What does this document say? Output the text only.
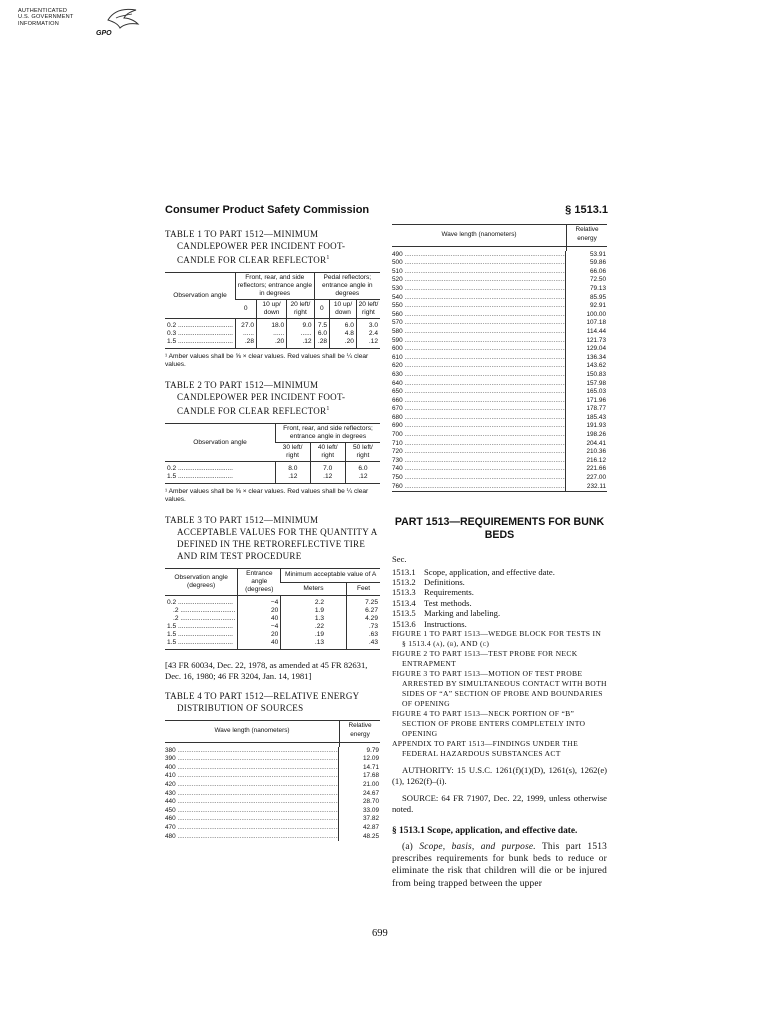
AUTHENTICATED
U.S. GOVERNMENT
INFORMATION
GPO
Consumer Product Safety Commission	§ 1513.1
TABLE 1 TO PART 1512—MINIMUM CANDLEPOWER PER INCIDENT FOOT-CANDLE FOR CLEAR REFLECTOR$^1$
Observation angle	Front, rear, and side reflectors; entrance angle in degrees			Pedal reflectors; entrance angle in degrees		
	0	10 up/ down	20 left/ right	0	10 up/ down	20 left/ right
0.2 ..............................	27.0	18.0	9.0	7.5	6.0	3.0
0.3 ..............................	......	......	......	6.0	4.8	2.4
1.5 ..............................	.28	.20	.12	.28	.20	.12
¹ Amber values shall be ⅝ × clear values. Red values shall be ¼ clear values.
TABLE 2 TO PART 1512—MINIMUM CANDLEPOWER PER INCIDENT FOOT-CANDLE FOR CLEAR REFLECTOR$^1$
Observation angle	Front, rear, and side reflectors; entrance angle in degrees		
	30 left/ right	40 left/ right	50 left/ right
0.2 ..............................	8.0	7.0	6.0
1.5 ..............................	.12	.12	.12
¹ Amber values shall be ⅝ × clear values. Red values shall be ¼ clear values.
TABLE 3 TO PART 1512—MINIMUM ACCEPTABLE VALUES FOR THE QUANTITY A DEFINED IN THE RETROREFLECTIVE TIRE AND RIM TEST PROCEDURE
Observation angle (degrees)	Entrance angle (degrees)	Minimum acceptable value of A	
		Meters	Feet
0.2 ..............................	−4	2.2	7.25
.2 ..............................	20	1.9	6.27
.2 ..............................	40	1.3	4.29
1.5 ..............................	−4	.22	.73
1.5 ..............................	20	.19	.63
1.5 ..............................	40	.13	.43
[43 FR 60034, Dec. 22, 1978, as amended at 45 FR 82631, Dec. 16, 1980; 46 FR 3204, Jan. 14, 1981]
TABLE 4 TO PART 1512—RELATIVE ENERGY DISTRIBUTION OF SOURCES
Wave length (nanometers)
Relative energy
380 .....	9.79
390 .....	12.09
400 .....	14.71
410 .....	17.68
420 .....	21.00
430 .....	24.67
440 .....	28.70
450 .....	33.09
460 .....	37.82
470 .....	42.87
480 .....	48.25
Wave length (nanometers)
Relative energy
490 .....	53.91
500 .....	59.86
510 .....	66.06
520 .....	72.50
530 .....	79.13
540 .....	85.95
550 .....	92.91
560 .....	100.00
570 .....	107.18
580 .....	114.44
590 .....	121.73
600 .....	129.04
610 .....	136.34
620 .....	143.62
630 .....	150.83
640 .....	157.98
650 .....	165.03
660 .....	171.96
670 .....	178.77
680 .....	185.43
690 .....	191.93
700 .....	198.26
710 .....	204.41
720 .....	210.36
730 .....	216.12
740 .....	221.66
750 .....	227.00
760 .....	232.11
PART 1513—REQUIREMENTS FOR BUNK BEDS
Sec.
1513.1 Scope, application, and effective date.
1513.2 Definitions.
1513.3 Requirements.
1513.4 Test methods.
1513.5 Marking and labeling.
1513.6 Instructions.
FIGURE 1 TO PART 1513—WEDGE BLOCK FOR TESTS IN § 1513.4 (a), (b), AND (c)
FIGURE 2 TO PART 1513—TEST PROBE FOR NECK ENTRAPMENT
FIGURE 3 TO PART 1513—MOTION OF TEST PROBE ARRESTED BY SIMULTANEOUS CONTACT WITH BOTH SIDES OF “A” SECTION OF PROBE AND BOUNDARIES OF OPENING
FIGURE 4 TO PART 1513—NECK PORTION OF “B” SECTION OF PROBE ENTERS COMPLETELY INTO OPENING
APPENDIX TO PART 1513—FINDINGS UNDER THE FEDERAL HAZARDOUS SUBSTANCES ACT
AUTHORITY: 15 U.S.C. 1261(f)(1)(D), 1261(s), 1262(e)(1), 1262(f)–(i).
SOURCE: 64 FR 71907, Dec. 22, 1999, unless otherwise noted.
§ 1513.1 Scope, application, and effective date.
(a) Scope, basis, and purpose. This part 1513 prescribes requirements for bunk beds to reduce or eliminate the risk that children will die or be injured from being trapped between the upper
699
